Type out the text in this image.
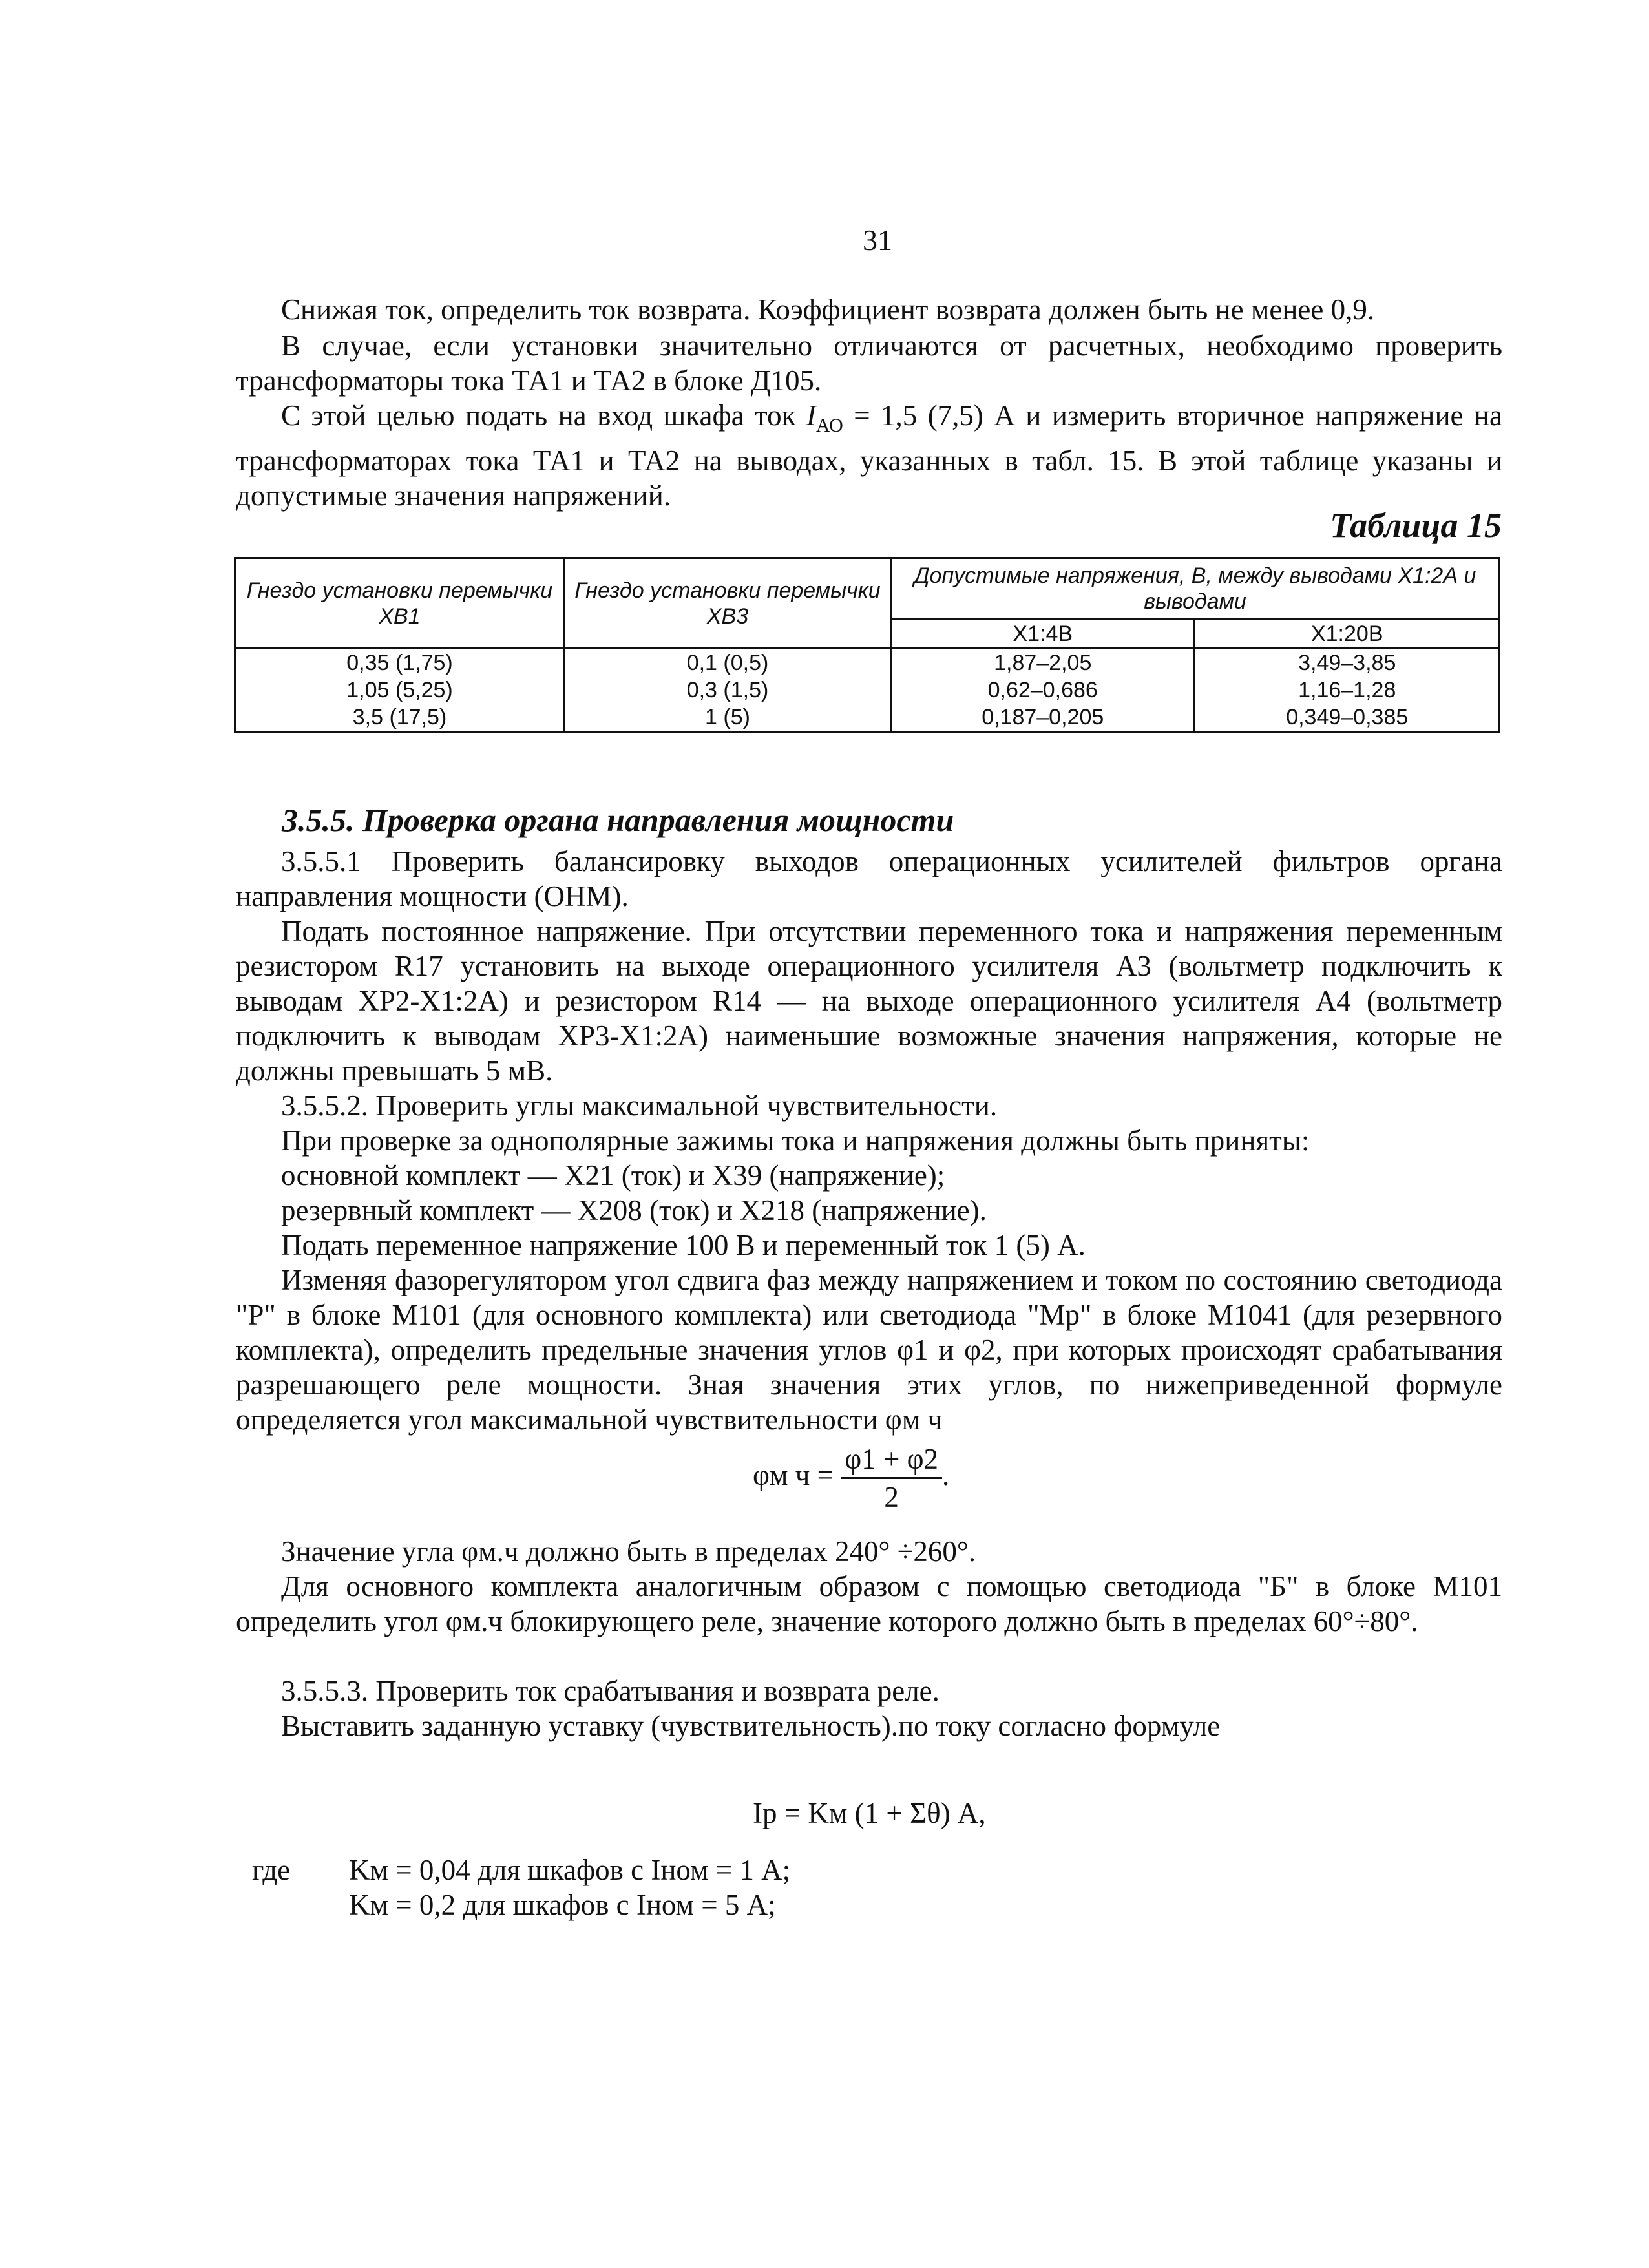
31
Снижая ток, определить ток возврата. Коэффициент возврата должен быть не менее 0,9.
В случае, если установки значительно отличаются от расчетных, необходимо проверить трансформаторы тока ТА1 и ТА2 в блоке Д105.
С этой целью подать на вход шкафа ток $I_{АО} = 1,5$ (7,5) А и измерить вторичное напряжение на трансформаторах тока ТА1 и ТА2 на выводах, указанных в табл. 15. В этой таблице указаны и допустимые значения напряжений.
Таблица 15
Гнездо установки перемычки ХВ1	Гнездо установки перемычки ХВ3	Допустимые напряжения, В, между выводами Х1:2А и выводами	
		Х1:4В	Х1:20В
0,35 (1,75)	0,1 (0,5)	1,87–2,05	3,49–3,85
1,05 (5,25)	0,3 (1,5)	0,62–0,686	1,16–1,28
3,5 (17,5)	1 (5)	0,187–0,205	0,349–0,385
3.5.5. Проверка органа направления мощности
3.5.5.1 Проверить балансировку выходов операционных усилителей фильтров органа направления мощности (ОНМ).
Подать постоянное напряжение. При отсутствии переменного тока и напряжения переменным резистором R17 установить на выходе операционного усилителя А3 (вольтметр подключить к выводам ХР2-Х1:2А) и резистором R14 — на выходе операционного усилителя А4 (вольтметр подключить к выводам ХР3-Х1:2А) наименьшие возможные значения напряжения, которые не должны превышать 5 мВ.
3.5.5.2. Проверить углы максимальной чувствительности.
При проверке за однополярные зажимы тока и напряжения должны быть приняты:
основной комплект — Х21 (ток) и Х39 (напряжение);
резервный комплект — Х208 (ток) и Х218 (напряжение).
Подать переменное напряжение 100 В и переменный ток 1 (5) А.
Изменяя фазорегулятором угол сдвига фаз между напряжением и током по состоянию светодиода "Р" в блоке М101 (для основного комплекта) или светодиода "Мр" в блоке М1041 (для резервного комплекта), определить предельные значения углов φ1 и φ2, при которых происходят срабатывания разрешающего реле мощности. Зная значения этих углов, по нижеприведенной формуле определяется угол максимальной чувствительности φм ч
φм $ч = \frac{\varphi 1 + \varphi 2}{2}$ .
Значение угла φм.ч должно быть в пределах 240° ÷260°.
Для основного комплекта аналогичным образом с помощью светодиода "Б" в блоке М101 определить угол φм.ч блокирующего реле, значение которого должно быть в пределах 60°÷80°.
3.5.5.3. Проверить ток срабатывания и возврата реле.
Выставить заданную уставку (чувствительность).по току согласно формуле
Iр = Kм (1 + Σθ) А,
где Kм = 0,04 для шкафов с Iном = 1 А;
Kм = 0,2 для шкафов с Iном = 5 А;
